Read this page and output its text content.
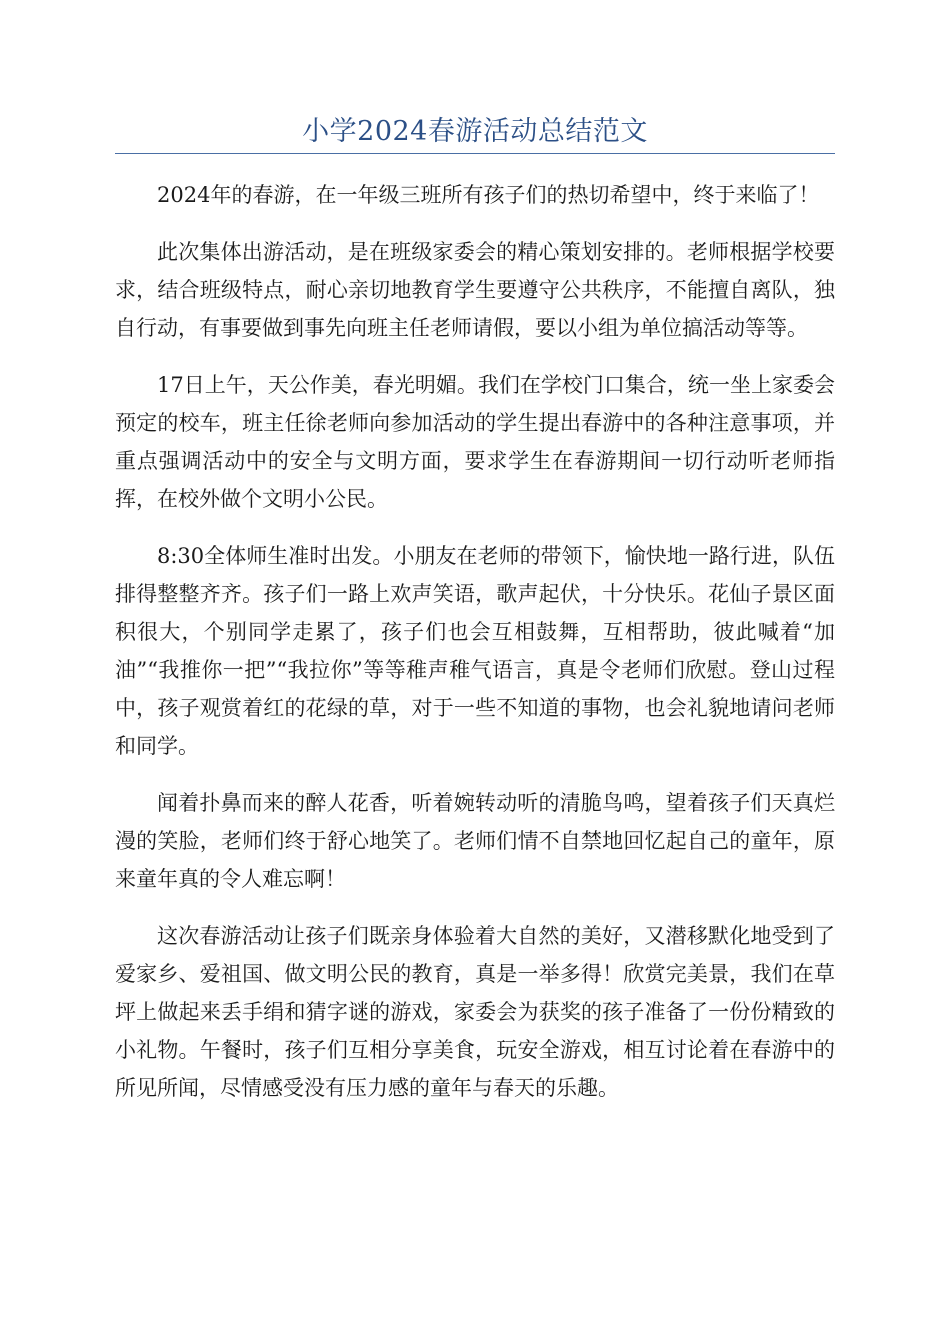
小学2024春游活动总结范文

2024年的春游，在一年级三班所有孩子们的热切希望中，终于来临了！

此次集体出游活动，是在班级家委会的精心策划安排的。老师根据学校要求，结合班级特点，耐心亲切地教育学生要遵守公共秩序，不能擅自离队，独自行动，有事要做到事先向班主任老师请假，要以小组为单位搞活动等等。

17日上午，天公作美，春光明媚。我们在学校门口集合，统一坐上家委会预定的校车，班主任徐老师向参加活动的学生提出春游中的各种注意事项，并重点强调活动中的安全与文明方面，要求学生在春游期间一切行动听老师指挥，在校外做个文明小公民。

8:30全体师生准时出发。小朋友在老师的带领下，愉快地一路行进，队伍排得整整齐齐。孩子们一路上欢声笑语，歌声起伏，十分快乐。花仙子景区面积很大，个别同学走累了，孩子们也会互相鼓舞，互相帮助，彼此喊着“加油”“我推你一把”“我拉你”等等稚声稚气语言，真是令老师们欣慰。登山过程中，孩子观赏着红的花绿的草，对于一些不知道的事物，也会礼貌地请问老师和同学。

闻着扑鼻而来的醉人花香，听着婉转动听的清脆鸟鸣，望着孩子们天真烂漫的笑脸，老师们终于舒心地笑了。老师们情不自禁地回忆起自己的童年，原来童年真的令人难忘啊！

这次春游活动让孩子们既亲身体验着大自然的美好，又潜移默化地受到了爱家乡、爱祖国、做文明公民的教育，真是一举多得！欣赏完美景，我们在草坪上做起来丢手绢和猜字谜的游戏，家委会为获奖的孩子准备了一份份精致的小礼物。午餐时，孩子们互相分享美食，玩安全游戏，相互讨论着在春游中的所见所闻，尽情感受没有压力感的童年与春天的乐趣。
